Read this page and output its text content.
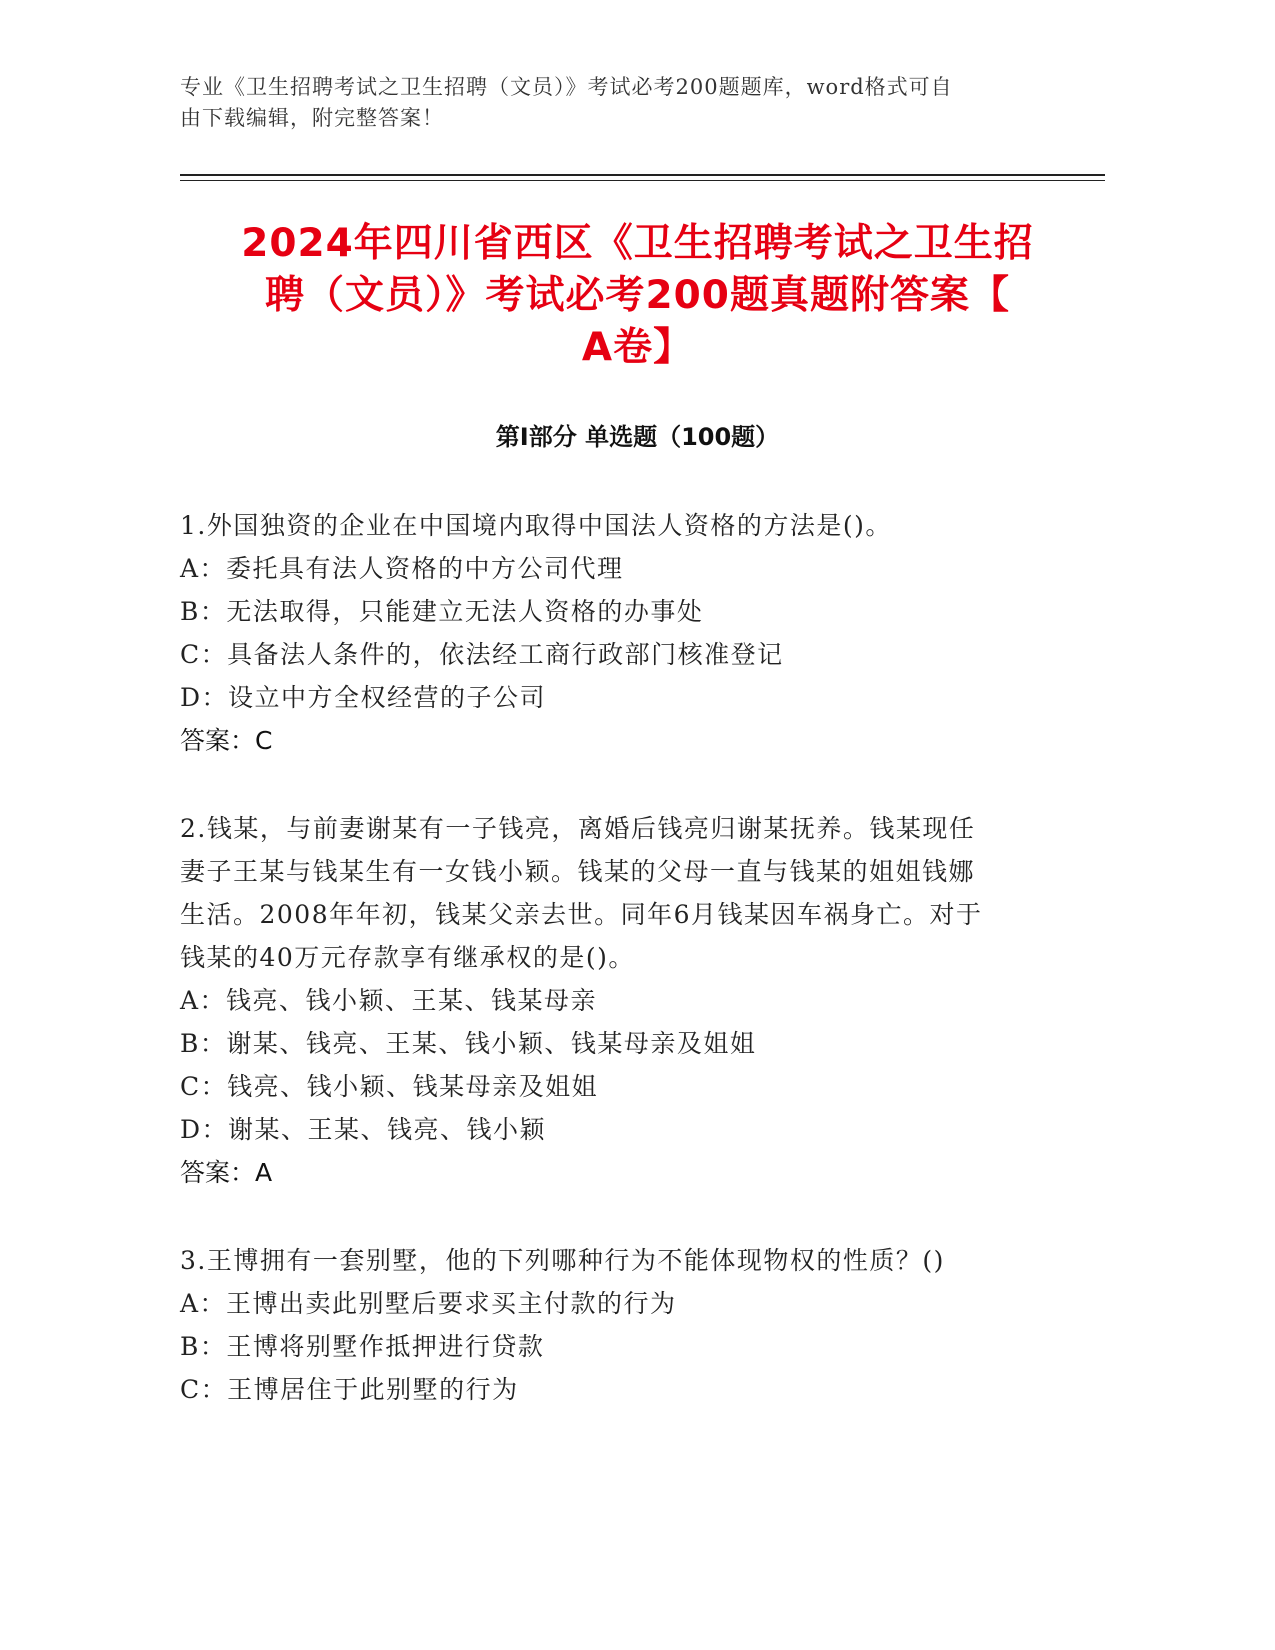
专业《卫生招聘考试之卫生招聘（文员）》考试必考200题题库，word格式可自
由下载编辑，附完整答案！
2024年四川省西区《卫生招聘考试之卫生招
聘（文员）》考试必考200题真题附答案【
A卷】
第I部分 单选题（100题）

1.外国独资的企业在中国境内取得中国法人资格的方法是()。

A：委托具有法人资格的中方公司代理

B：无法取得，只能建立无法人资格的办事处

C：具备法人条件的，依法经工商行政部门核准登记

D：设立中方全权经营的子公司

答案：C

2.钱某，与前妻谢某有一子钱亮，离婚后钱亮归谢某抚养。钱某现任

妻子王某与钱某生有一女钱小颖。钱某的父母一直与钱某的姐姐钱娜

生活。2008年年初，钱某父亲去世。同年6月钱某因车祸身亡。对于

钱某的40万元存款享有继承权的是()。

A：钱亮、钱小颖、王某、钱某母亲

B：谢某、钱亮、王某、钱小颖、钱某母亲及姐姐

C：钱亮、钱小颖、钱某母亲及姐姐

D：谢某、王某、钱亮、钱小颖

答案：A

3.王博拥有一套别墅，他的下列哪种行为不能体现物权的性质？()

A：王博出卖此别墅后要求买主付款的行为

B：王博将别墅作抵押进行贷款

C：王博居住于此别墅的行为
